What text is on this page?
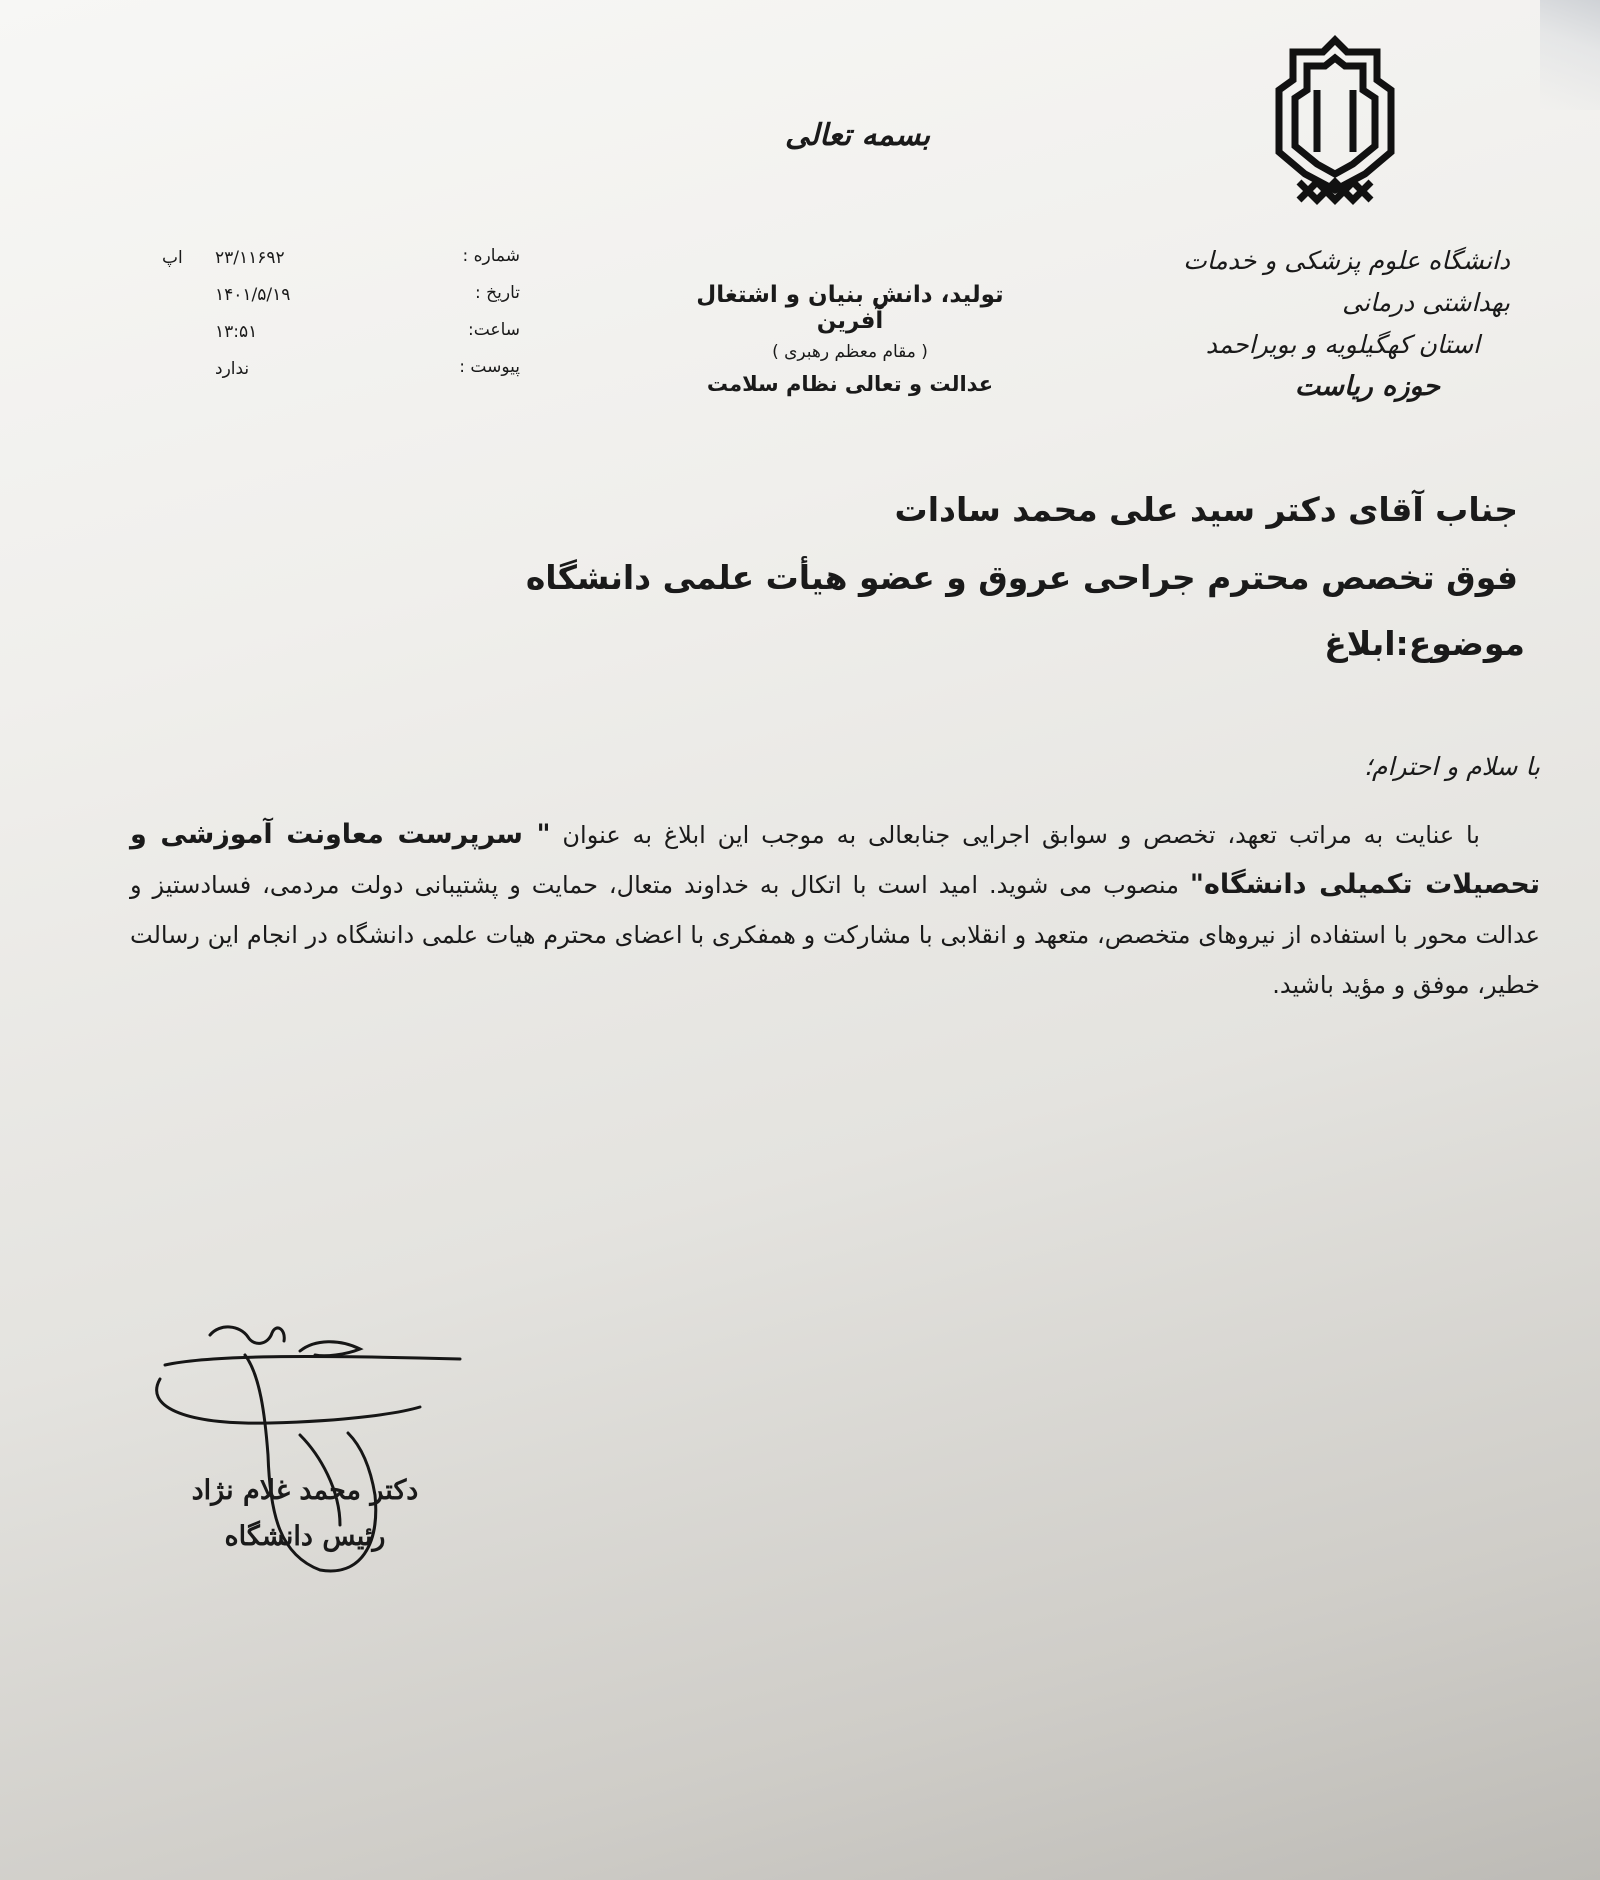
دانشگاه علوم پزشکی و خدمات بهداشتی درمانی
استان کهگیلویه و بویراحمد
حوزه ریاست
بسمه تعالی
تولید، دانش بنیان و اشتغال آفرین
( مقام معظم رهبری )
عدالت و تعالی نظام سلامت
شماره :
تاریخ :
ساعت:
پیوست :
اپ ۲۳/۱۱۶۹۲
۱۴۰۱/۵/۱۹
۱۳:۵۱
ندارد
جناب آقای دکتر سید علی محمد سادات
فوق تخصص محترم جراحی عروق و عضو هیأت علمی دانشگاه
موضوع:ابلاغ
با سلام و احترام؛
با عنایت به مراتب تعهد، تخصص و سوابق اجرایی جنابعالی به موجب این ابلاغ به عنوان " سرپرست معاونت آموزشی و تحصیلات تکمیلی دانشگاه" منصوب می شوید. امید است با اتکال به خداوند متعال، حمایت و پشتیبانی دولت مردمی، فسادستیز و عدالت محور با استفاده از نیروهای متخصص، متعهد و انقلابی با مشارکت و همفکری با اعضای محترم هیات علمی دانشگاه در انجام این رسالت خطیر، موفق و مؤید باشید.
دکتر محمد غلام نژاد
رئیس دانشگاه
